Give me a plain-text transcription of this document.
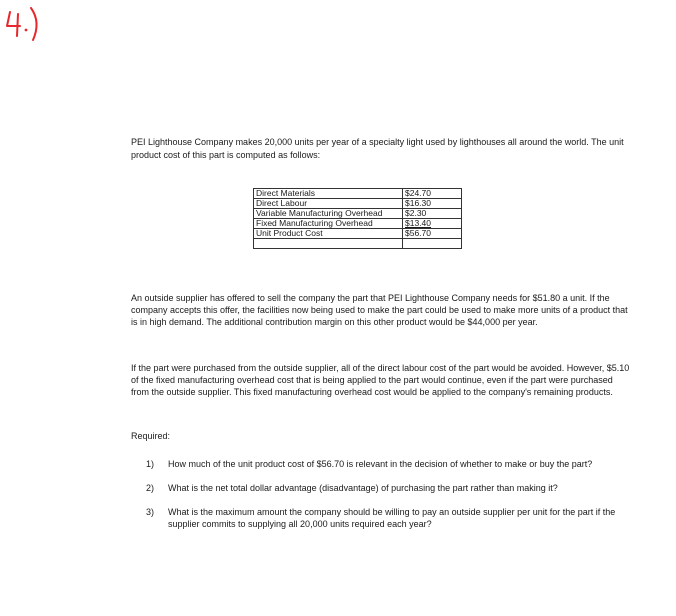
PEI Lighthouse Company makes 20,000 units per year of a specialty light used by lighthouses all around the world. The unit product cost of this part is computed as follows:

Direct Materials	$24.70
Direct Labour	$16.30
Variable Manufacturing Overhead	$2.30
Fixed Manufacturing Overhead	$13.40
Unit Product Cost	$56.70

An outside supplier has offered to sell the company the part that PEI Lighthouse Company needs for $51.80 a unit. If the company accepts this offer, the facilities now being used to make the part could be used to make more units of a product that is in high demand. The additional contribution margin on this other product would be $44,000 per year.

If the part were purchased from the outside supplier, all of the direct labour cost of the part would be avoided. However, $5.10 of the fixed manufacturing overhead cost that is being applied to the part would continue, even if the part were purchased from the outside supplier. This fixed manufacturing overhead cost would be applied to the company's remaining products.

Required:

1)	How much of the unit product cost of $56.70 is relevant in the decision of whether to make or buy the part?
2)	What is the net total dollar advantage (disadvantage) of purchasing the part rather than making it?
3)	What is the maximum amount the company should be willing to pay an outside supplier per unit for the part if the supplier commits to supplying all 20,000 units required each year?
